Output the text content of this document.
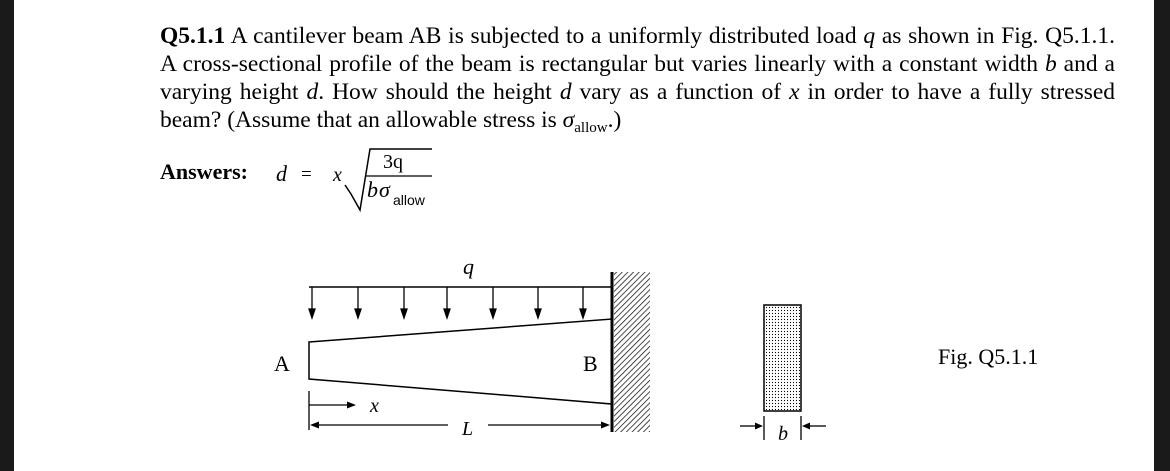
Q5.1.1 A cantilever beam AB is subjected to a uniformly distributed load q as shown in Fig. Q5.1.1. A cross-sectional profile of the beam is rectangular but varies linearly with a constant width b and a varying height d. How should the height d vary as a function of x in order to have a fully stressed beam? (Assume that an allowable stress is $\sigma_{allow}$.)
Answers: d = x
3q
b σ allow
q
A	B
x
L	b
Fig. Q5.1.1
